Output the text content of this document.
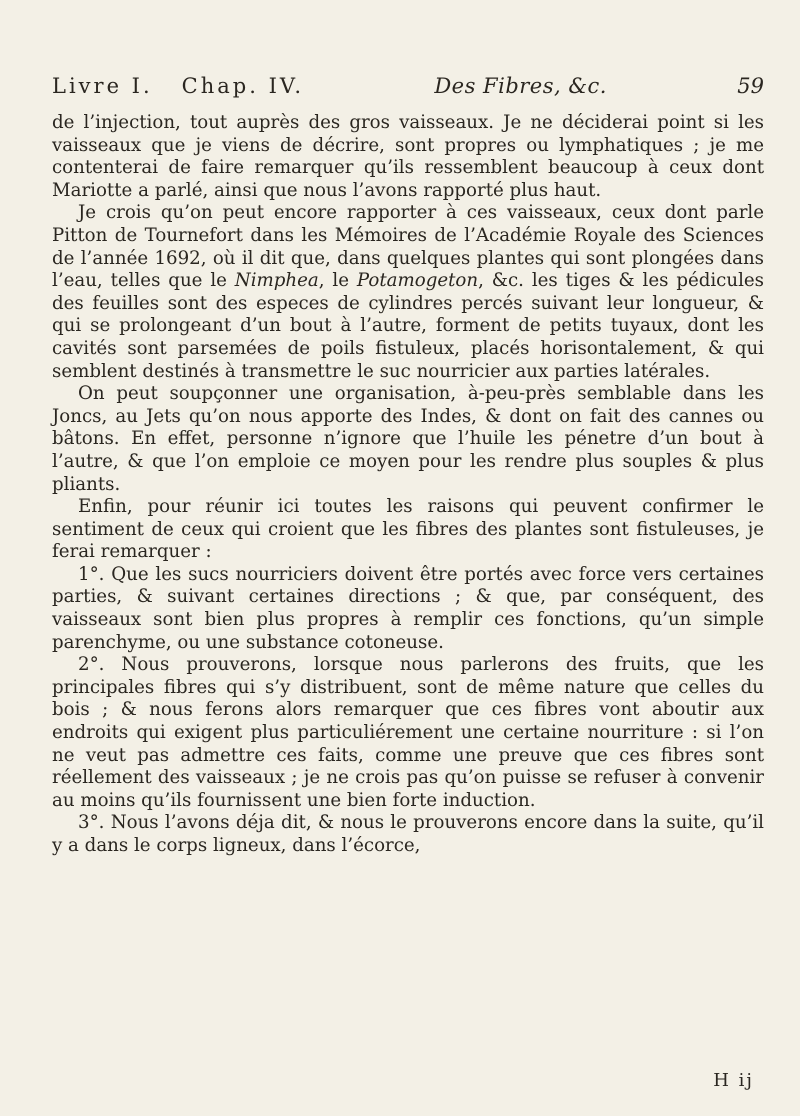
Livre I. Chap. IV.	Des Fibres, &c.	59

de l’injection, tout auprès des gros vaisseaux. Je ne déciderai point si les vaisseaux que je viens de décrire, sont propres ou lymphatiques ; je me contenterai de faire remarquer qu’ils ressemblent beaucoup à ceux dont Mariotte a parlé, ainsi que nous l’avons rapporté plus haut.

Je crois qu’on peut encore rapporter à ces vaisseaux, ceux dont parle Pitton de Tournefort dans les Mémoires de l’Académie Royale des Sciences de l’année 1692, où il dit que, dans quelques plantes qui sont plongées dans l’eau, telles que le Nimphea, le Potamogeton, &c. les tiges & les pédicules des feuilles sont des especes de cylindres percés suivant leur longueur, & qui se prolongeant d’un bout à l’autre, forment de petits tuyaux, dont les cavités sont parsemées de poils fistuleux, placés horisontalement, & qui semblent destinés à transmettre le suc nourricier aux parties latérales.

On peut soupçonner une organisation, à-peu-près semblable dans les Joncs, au Jets qu’on nous apporte des Indes, & dont on fait des cannes ou bâtons. En effet, personne n’ignore que l’huile les pénetre d’un bout à l’autre, & que l’on emploie ce moyen pour les rendre plus souples & plus pliants.

Enfin, pour réunir ici toutes les raisons qui peuvent confirmer le sentiment de ceux qui croient que les fibres des plantes sont fistuleuses, je ferai remarquer :

1°. Que les sucs nourriciers doivent être portés avec force vers certaines parties, & suivant certaines directions ; & que, par conséquent, des vaisseaux sont bien plus propres à remplir ces fonctions, qu’un simple parenchyme, ou une substance cotoneuse.

2°. Nous prouverons, lorsque nous parlerons des fruits, que les principales fibres qui s’y distribuent, sont de même nature que celles du bois ; & nous ferons alors remarquer que ces fibres vont aboutir aux endroits qui exigent plus particuliérement une certaine nourriture : si l’on ne veut pas admettre ces faits, comme une preuve que ces fibres sont réellement des vaisseaux ; je ne crois pas qu’on puisse se refuser à convenir au moins qu’ils fournissent une bien forte induction.

3°. Nous l’avons déja dit, & nous le prouverons encore dans la suite, qu’il y a dans le corps ligneux, dans l’écorce,

H ij
